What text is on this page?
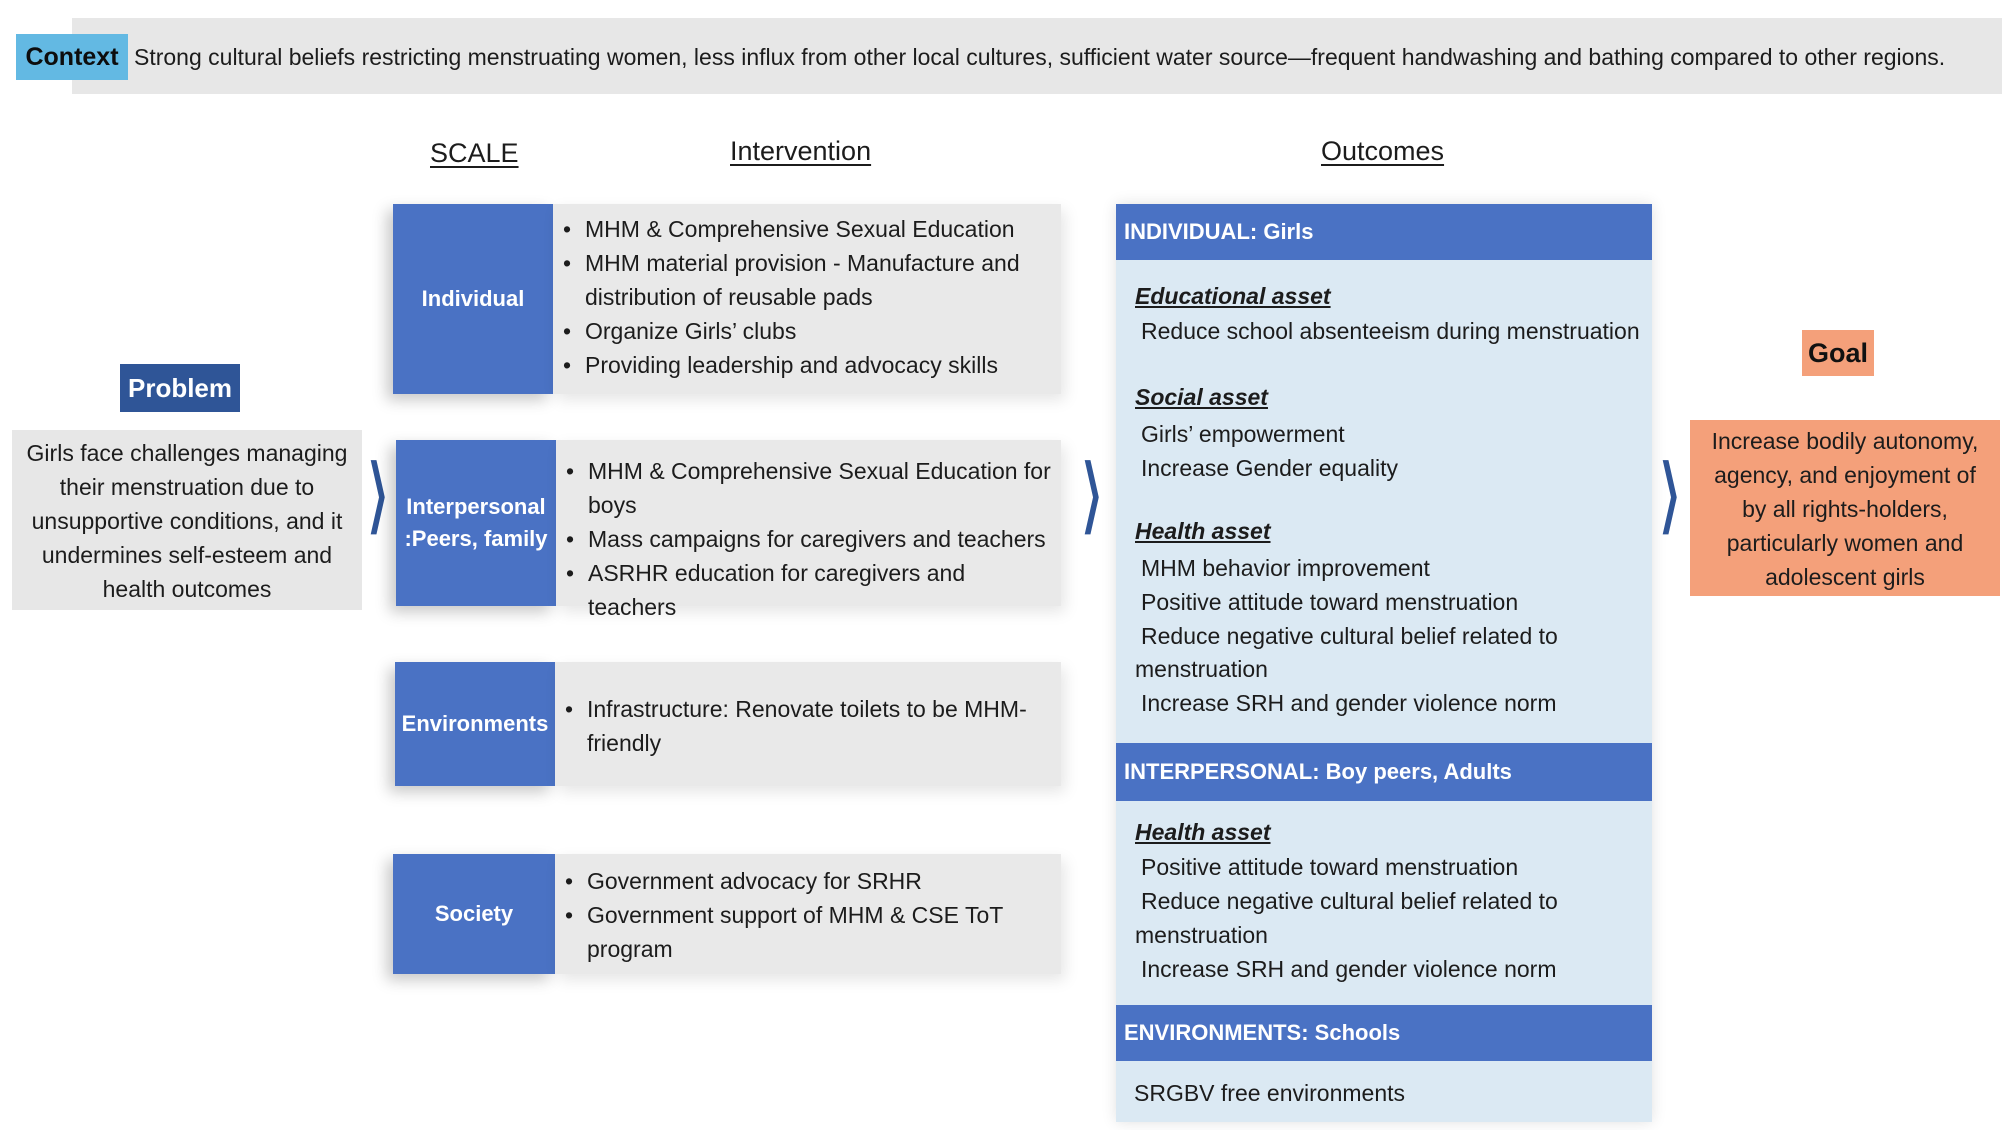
Context Strong cultural beliefs restricting menstruating women, less influx from other local cultures, sufficient water source—frequent handwashing and bathing compared to other regions.
SCALE	Intervention	Outcomes
Problem
Girls face challenges managing
their menstruation due to
unsupportive conditions, and it
undermines self-esteem and
health outcomes
❭	❭	❭
Individual
• MHM & Comprehensive Sexual Education
• MHM material provision - Manufacture and
distribution of reusable pads
• Organize Girls’ clubs
• Providing leadership and advocacy skills
Interpersonal
:Peers, family
• MHM & Comprehensive Sexual Education for
boys
• Mass campaigns for caregivers and teachers
• ASRHR education for caregivers and teachers
Environments
• Infrastructure: Renovate toilets to be MHM-
friendly
Society
• Government advocacy for SRHR
• Government support of MHM & CSE ToT
program
INDIVIDUAL: Girls
Educational asset
Reduce school absenteeism during menstruation
Social asset
Girls’ empowerment
Increase Gender equality
Health asset
MHM behavior improvement
Positive attitude toward menstruation
Reduce negative cultural belief related to
menstruation
Increase SRH and gender violence norm
INTERPERSONAL: Boy peers, Adults
Health asset
Positive attitude toward menstruation
Reduce negative cultural belief related to
menstruation
Increase SRH and gender violence norm
ENVIRONMENTS: Schools
SRGBV free environments
Goal
Increase bodily autonomy,
agency, and enjoyment of
by all rights-holders,
particularly women and
adolescent girls
